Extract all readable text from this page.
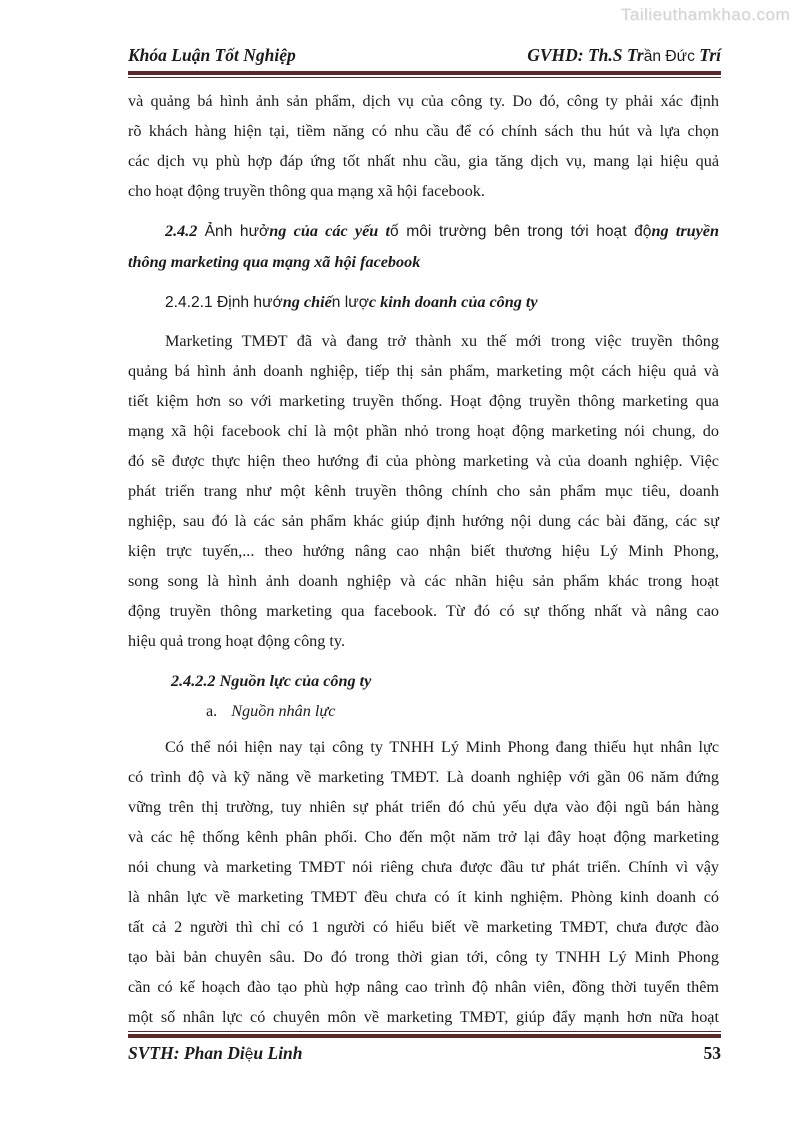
Tailieuthamkhao.com
Khóa Luận Tốt Nghiệp	GVHD: Th.S Trần Đức Trí
và quảng bá hình ảnh sản phẩm, dịch vụ của công ty. Do đó, công ty phải xác định
rõ khách hàng hiện tại, tiềm năng có nhu cầu để có chính sách thu hút và lựa chọn
các dịch vụ phù hợp đáp ứng tốt nhất nhu cầu, gia tăng dịch vụ, mang lại hiệu quả
cho hoạt động truyền thông qua mạng xã hội facebook.
2.4.2 Ảnh hưởng của các yếu tố môi trường bên trong tới hoạt động truyền
thông marketing qua mạng xã hội facebook
2.4.2.1 Định hướng chiến lược kinh doanh của công ty
Marketing TMĐT đã và đang trở thành xu thế mới trong việc truyền thông
quảng bá hình ảnh doanh nghiệp, tiếp thị sản phẩm, marketing một cách hiệu quả và
tiết kiệm hơn so với marketing truyền thống. Hoạt động truyền thông marketing qua
mạng xã hội facebook chỉ là một phần nhỏ trong hoạt động marketing nói chung, do
đó sẽ được thực hiện theo hướng đi của phòng marketing và của doanh nghiệp. Việc
phát triển trang như một kênh truyền thông chính cho sản phẩm mục tiêu, doanh
nghiệp, sau đó là các sản phẩm khác giúp định hướng nội dung các bài đăng, các sự
kiện trực tuyến,... theo hướng nâng cao nhận biết thương hiệu Lý Minh Phong,
song song là hình ảnh doanh nghiệp và các nhãn hiệu sản phẩm khác trong hoạt
động truyền thông marketing qua facebook. Từ đó có sự thống nhất và nâng cao
hiệu quả trong hoạt động công ty.
2.4.2.2 Nguồn lực của công ty
a. Nguồn nhân lực
Có thể nói hiện nay tại công ty TNHH Lý Minh Phong đang thiếu hụt nhân lực
có trình độ và kỹ năng về marketing TMĐT. Là doanh nghiệp với gần 06 năm đứng
vững trên thị trường, tuy nhiên sự phát triển đó chủ yếu dựa vào đội ngũ bán hàng
và các hệ thống kênh phân phối. Cho đến một năm trở lại đây hoạt động marketing
nói chung và marketing TMĐT nói riêng chưa được đầu tư phát triển. Chính vì vậy
là nhân lực về marketing TMĐT đều chưa có ít kinh nghiệm. Phòng kinh doanh có
tất cả 2 người thì chỉ có 1 người có hiểu biết về marketing TMĐT, chưa được đào
tạo bài bản chuyên sâu. Do đó trong thời gian tới, công ty TNHH Lý Minh Phong
cần có kế hoạch đào tạo phù hợp nâng cao trình độ nhân viên, đồng thời tuyển thêm
một số nhân lực có chuyên môn về marketing TMĐT, giúp đẩy mạnh hơn nữa hoạt
SVTH: Phan Diệu Linh	53
